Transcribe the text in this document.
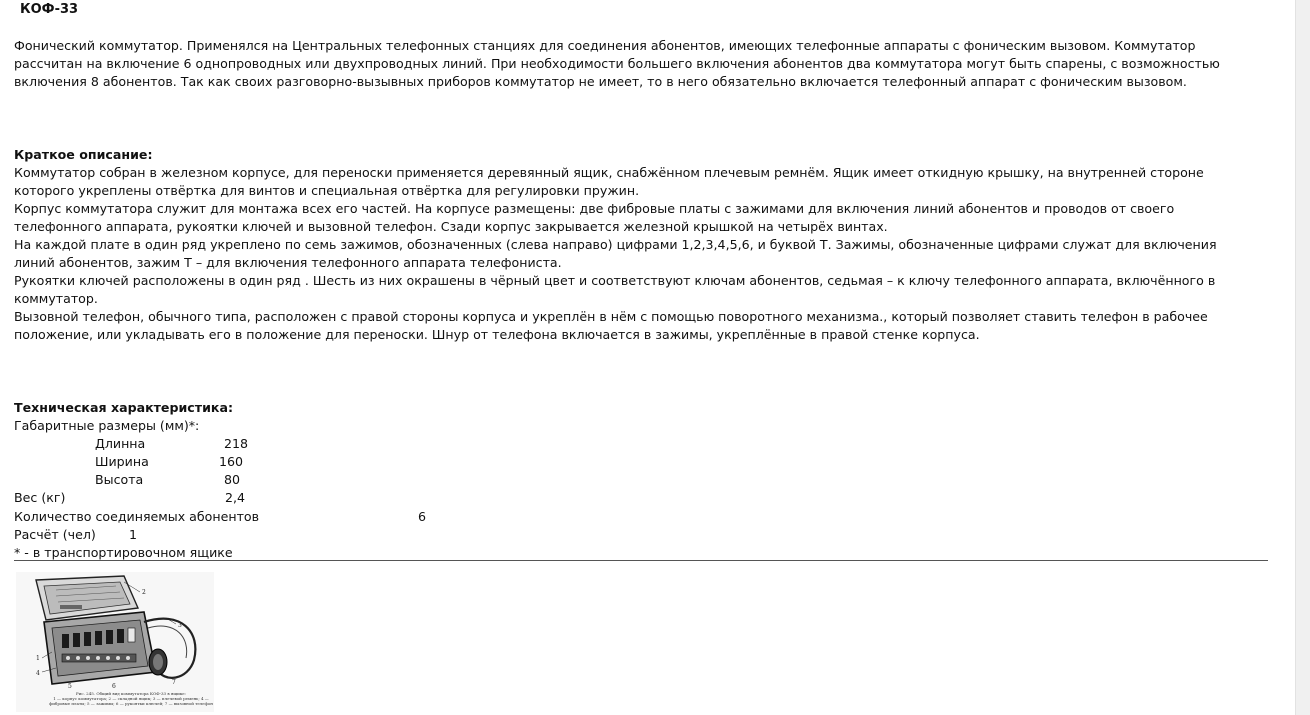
КОФ-33

Фонический коммутатор. Применялся на Центральных телефонных станциях для соединения абонентов, имеющих телефонные аппараты с фоническим вызовом. Коммутатор
рассчитан на включение 6 однопроводных или двухпроводных линий. При необходимости большего включения абонентов два коммутатора могут быть спарены, с возможностью
включения 8 абонентов. Так как своих разговорно-вызывных приборов коммутатор не имеет, то в него обязательно включается телефонный аппарат с фоническим вызовом.

Краткое описание:

Коммутатор собран в железном корпусе, для переноски применяется деревянный ящик, снабжённом плечевым ремнём. Ящик имеет откидную крышку, на внутренней стороне
которого укреплены отвёртка для винтов и специальная отвёртка для регулировки пружин.
Корпус коммутатора служит для монтажа всех его частей. На корпусе размещены: две фибровые платы с зажимами для включения линий абонентов и проводов от своего
телефонного аппарата, рукоятки ключей и вызовной телефон. Сзади корпус закрывается железной крышкой на четырёх винтах.
На каждой плате в один ряд укреплено по семь зажимов, обозначенных (слева направо) цифрами 1,2,3,4,5,6, и буквой Т. Зажимы, обозначенные цифрами служат для включения
линий абонентов, зажим Т – для включения телефонного аппарата телефониста.
Рукоятки ключей расположены в один ряд . Шесть из них окрашены в чёрный цвет и соответствуют ключам абонентов, седьмая – к ключу телефонного аппарата, включённого в
коммутатор.
Вызовной телефон, обычного типа, расположен с правой стороны корпуса и укреплён в нём с помощью поворотного механизма., который позволяет ставить телефон в рабочее
положение, или укладывать его в положение для переноски. Шнур от телефона включается в зажимы, укреплённые в правой стенке корпуса.

Техническая характеристика:
Габаритные размеры (мм)*:
Длинна	218
Ширина	160
Высота	80
Вес (кг)	2,4
Количество соединяемых абонентов	6
Расчёт (чел)	1
* - в транспортировочном ящике
2
3
1
4
5	6
7
Рис. 245. Общий вид коммутатора КОФ-33 в ящике:
1 — корпус коммутатора; 2 — складной ящик; 3 — плечевой ремень; 4 — фибровые платы; 5 — зажимы; 6 — рукоятки ключей; 7 — вызовной телефон
